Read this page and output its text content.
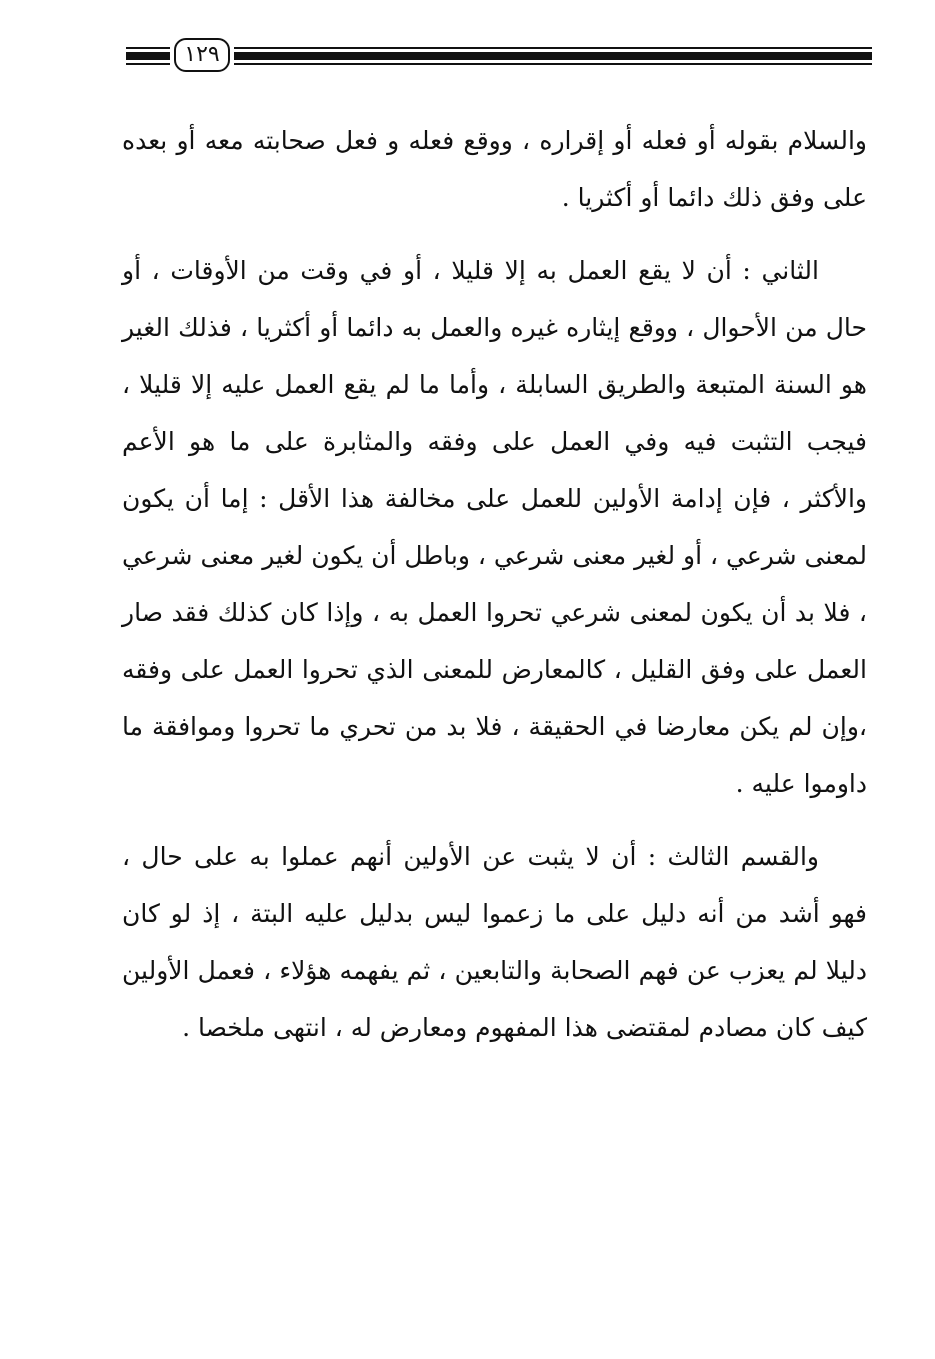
١٢٩

والسلام بقوله أو فعله أو إقراره ، ووقع فعله و فعل صحابته معه أو بعده على وفق ذلك دائما أو أكثريا .

الثاني : أن لا يقع العمل به إلا قليلا ، أو في وقت من الأوقات ، أو حال من الأحوال ، ووقع إيثاره غيره والعمل به دائما أو أكثريا ، فذلك الغير هو السنة المتبعة والطريق السابلة ، وأما ما لم يقع العمل عليه إلا قليلا ، فيجب التثبت فيه وفي العمل على وفقه والمثابرة على ما هو الأعم والأكثر ، فإن إدامة الأولين للعمل على مخالفة هذا الأقل : إما أن يكون لمعنى شرعي ، أو لغير معنى شرعي ، وباطل أن يكون لغير معنى شرعي ، فلا بد أن يكون لمعنى شرعي تحروا العمل به ، وإذا كان كذلك فقد صار العمل على وفق القليل ، كالمعارض للمعنى الذي تحروا العمل على وفقه ،وإن لم يكن معارضا في الحقيقة ، فلا بد من تحري ما تحروا وموافقة ما داوموا عليه .

والقسم الثالث : أن لا يثبت عن الأولين أنهم عملوا به على حال ، فهو أشد من أنه دليل على ما زعموا ليس بدليل عليه البتة ، إذ لو كان دليلا لم يعزب عن فهم الصحابة والتابعين ، ثم يفهمه هؤلاء ، فعمل الأولين كيف كان مصادم لمقتضى هذا المفهوم ومعارض له ، انتهى ملخصا .
